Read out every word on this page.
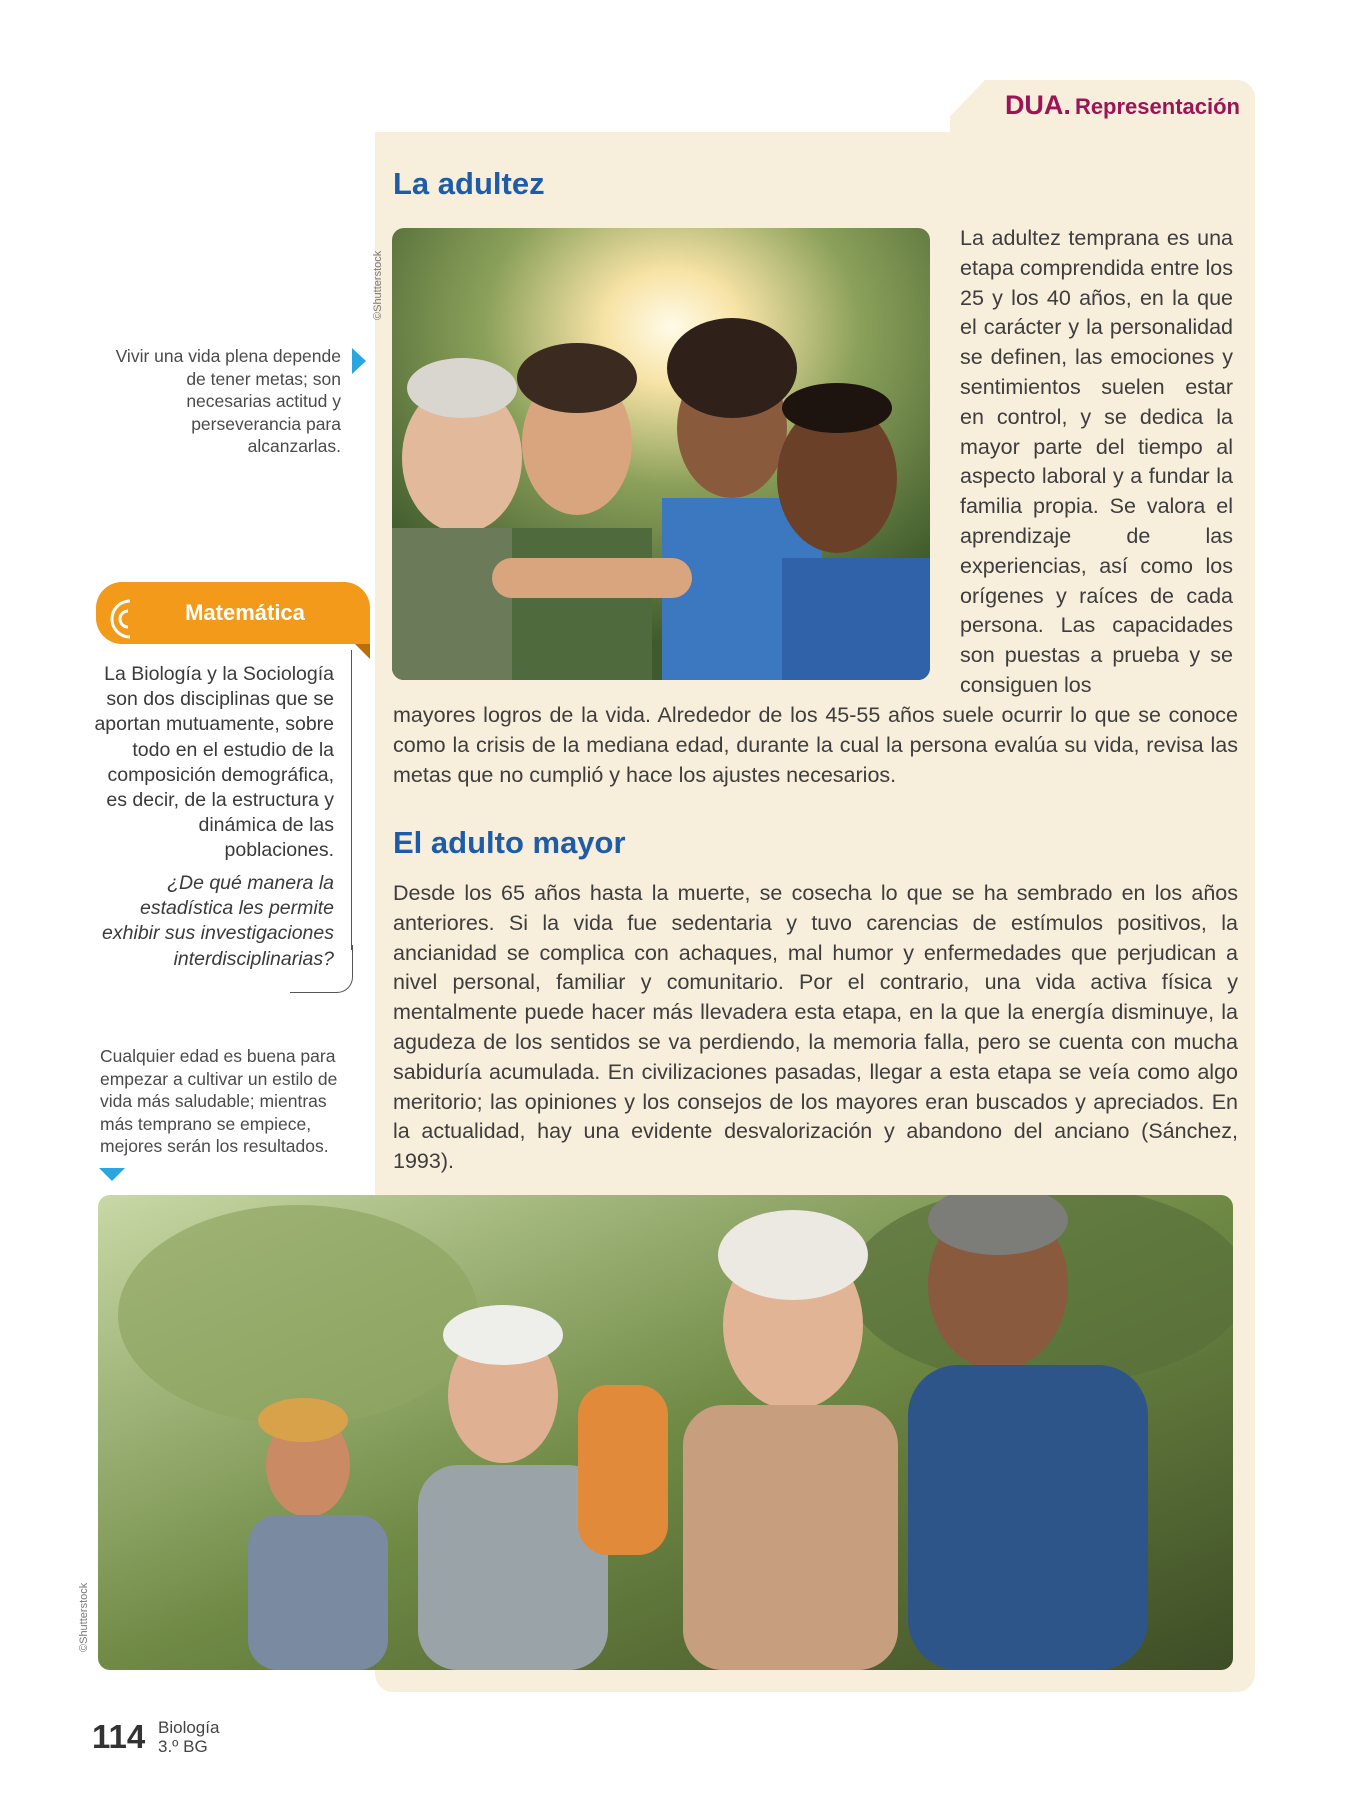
DUA. Representación
La adultez
©Shutterstock

La adultez temprana es una etapa comprendida entre los 25 y los 40 años, en la que el carácter y la personalidad se definen, las emociones y sentimientos suelen estar en control, y se dedica la mayor parte del tiempo al aspecto laboral y a fundar la familia propia. Se valora el aprendizaje de las experiencias, así como los orígenes y raíces de cada persona. Las capacidades son puestas a prueba y se consiguen los

mayores logros de la vida. Alrededor de los 45-55 años suele ocurrir lo que se conoce como la crisis de la mediana edad, durante la cual la persona evalúa su vida, revisa las metas que no cumplió y hace los ajustes necesarios.

El adulto mayor

Desde los 65 años hasta la muerte, se cosecha lo que se ha sembrado en los años anteriores. Si la vida fue sedentaria y tuvo carencias de estímulos positivos, la ancianidad se complica con achaques, mal humor y enfermedades que perjudican a nivel personal, familiar y comunitario. Por el contrario, una vida activa física y mentalmente puede hacer más llevadera esta etapa, en la que la energía disminuye, la agudeza de los sentidos se va perdiendo, la memoria falla, pero se cuenta con mucha sabiduría acumulada. En civilizaciones pasadas, llegar a esta etapa se veía como algo meritorio; las opiniones y los consejos de los mayores eran buscados y apreciados. En la actualidad, hay una evidente desvalorización y abandono del anciano (Sánchez, 1993).

©Shutterstock

Vivir una vida plena depende de tener metas; son necesarias actitud y perseverancia para alcanzarlas.

Matemática

La Biología y la Sociología son dos disciplinas que se aportan mutuamente, sobre todo en el estudio de la composición demográfica, es decir, de la estructura y dinámica de las poblaciones.

¿De qué manera la estadística les permite exhibir sus investigaciones interdisciplinarias?

Cualquier edad es buena para empezar a cultivar un estilo de vida más saludable; mientras más temprano se empiece, mejores serán los resultados.

114 Biología
3.º BG
